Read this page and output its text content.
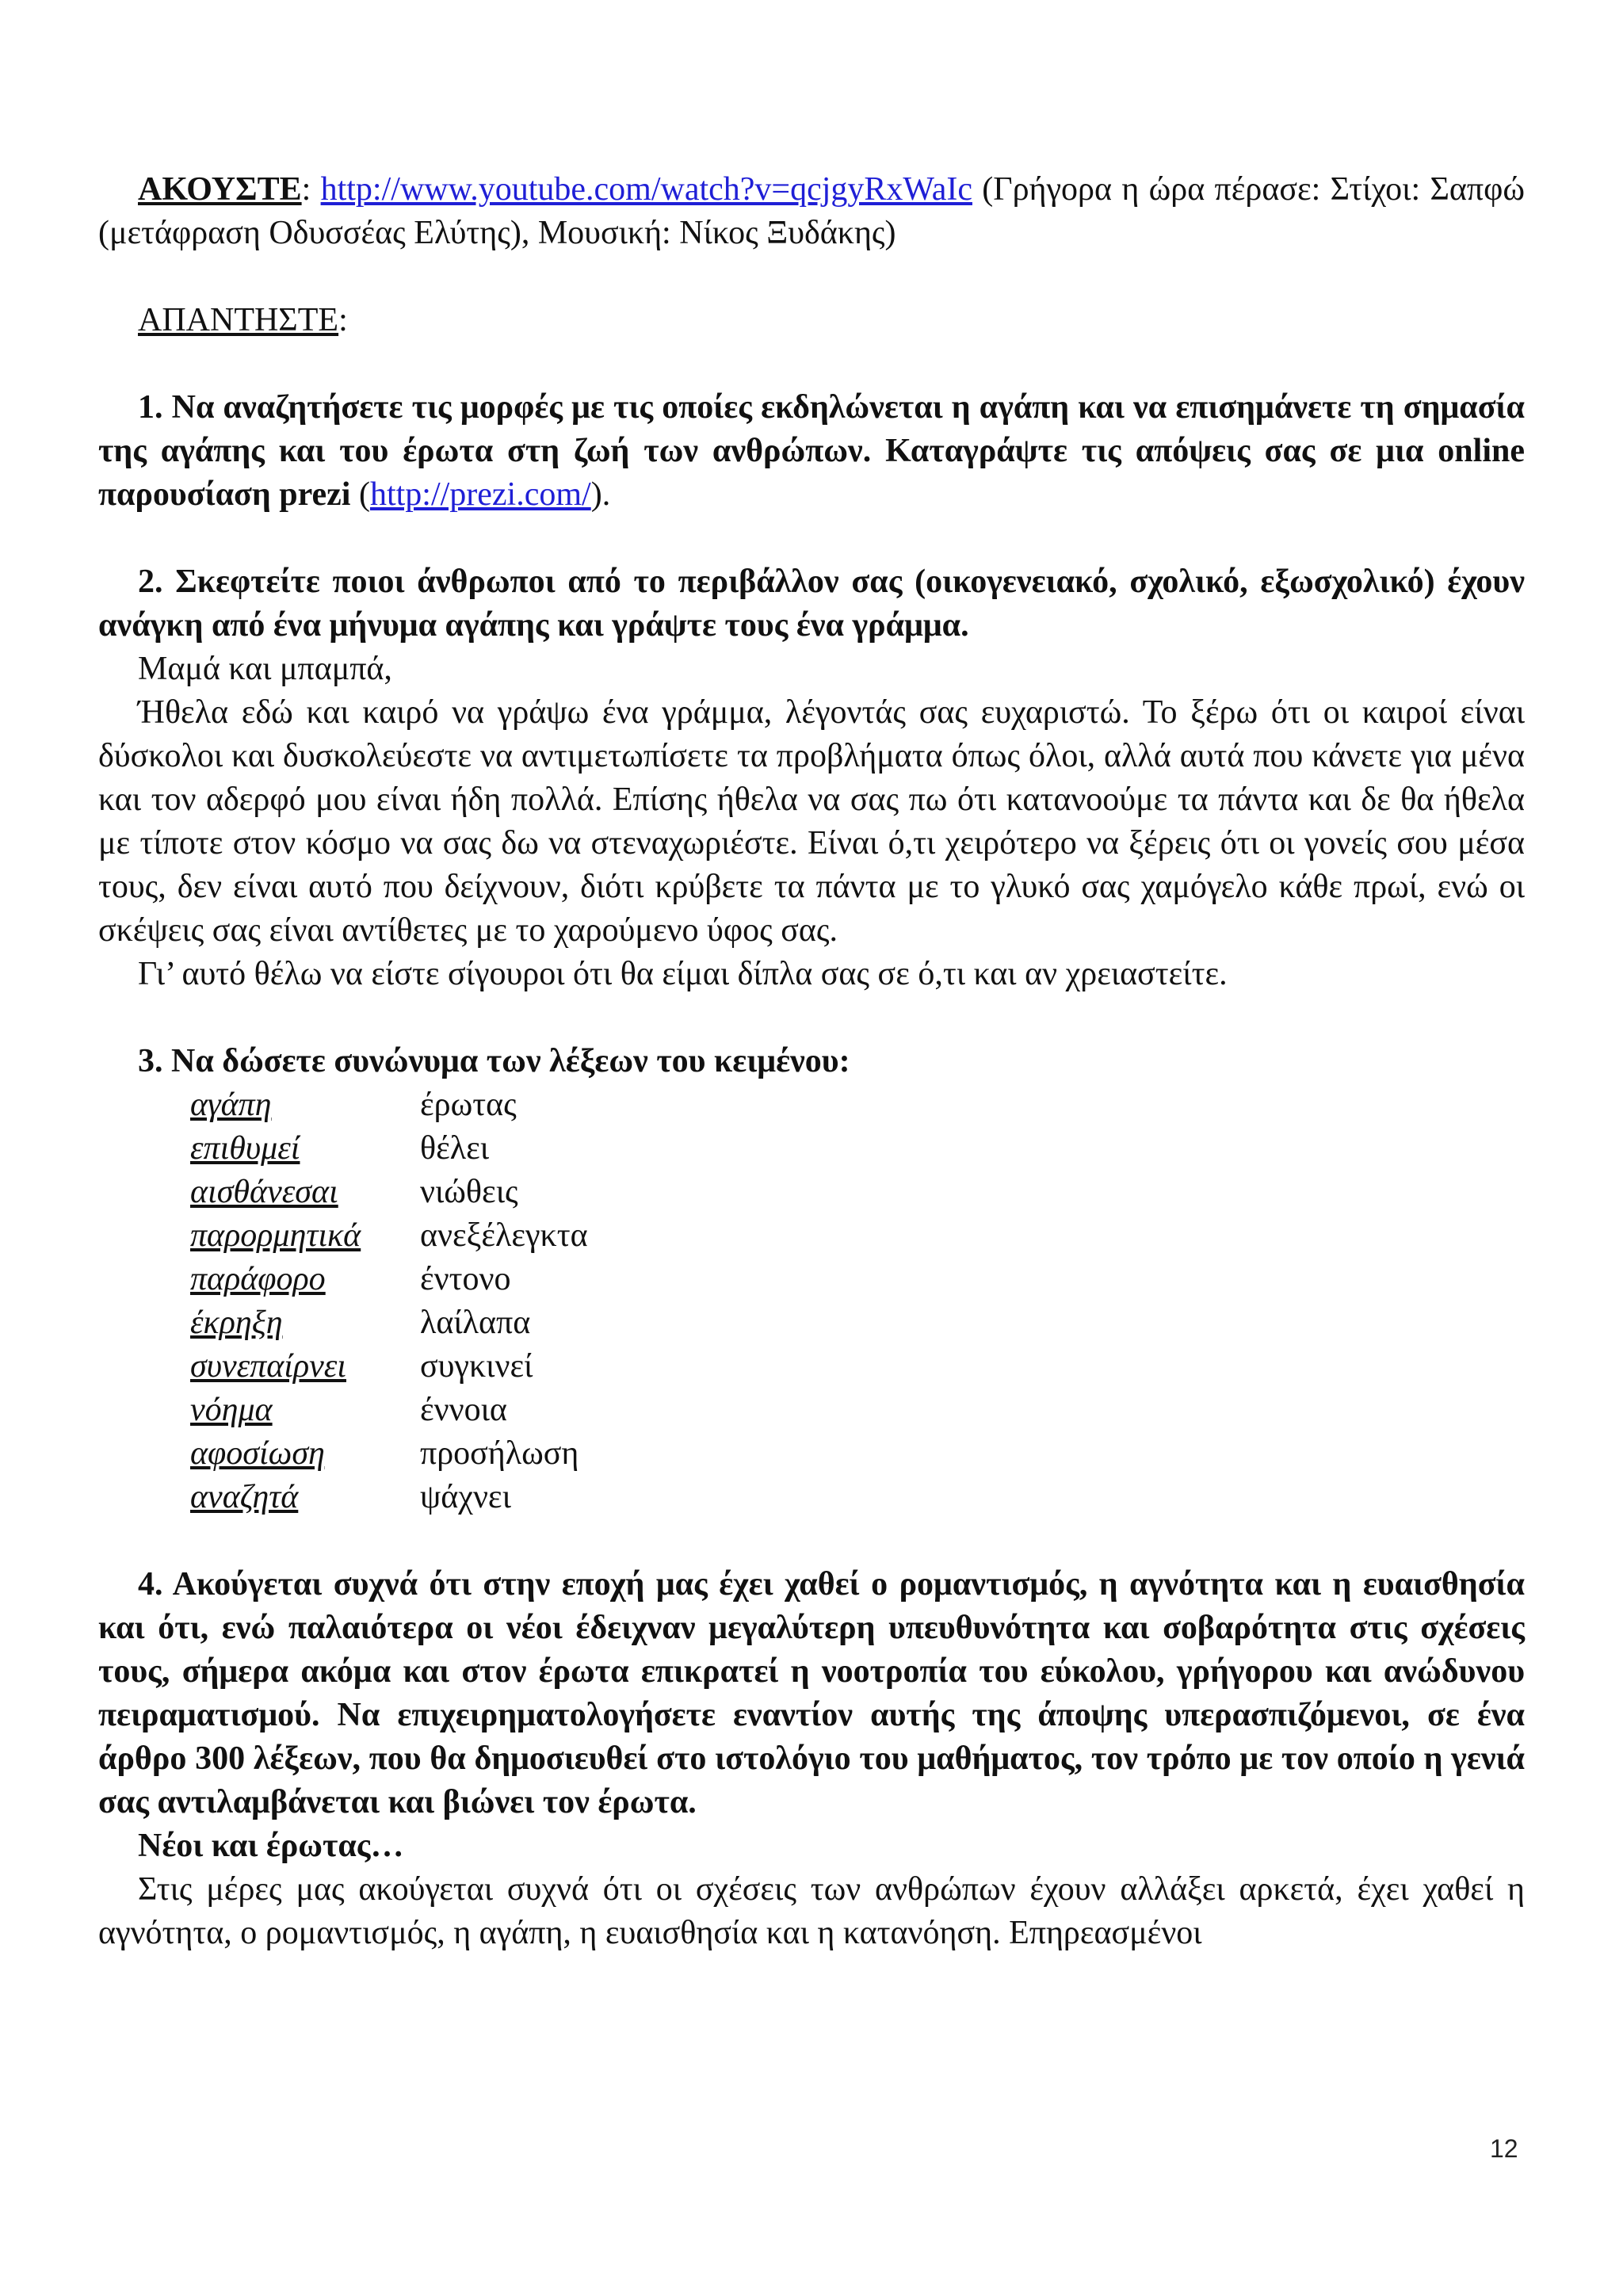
ΑΚΟΥΣΤΕ: http://www.youtube.com/watch?v=qcjgyRxWaIc (Γρήγορα η ώρα πέρασε: Στίχοι: Σαπφώ (μετάφραση Οδυσσέας Ελύτης), Μουσική: Νίκος Ξυδάκης)

ΑΠΑΝΤΗΣΤΕ:

1. Να αναζητήσετε τις μορφές με τις οποίες εκδηλώνεται η αγάπη και να επισημάνετε τη σημασία της αγάπης και του έρωτα στη ζωή των ανθρώπων. Καταγράψτε τις απόψεις σας σε μια online παρουσίαση prezi (http://prezi.com/).

2. Σκεφτείτε ποιοι άνθρωποι από το περιβάλλον σας (οικογενειακό, σχολικό, εξωσχολικό) έχουν ανάγκη από ένα μήνυμα αγάπης και γράψτε τους ένα γράμμα.

Μαμά και μπαμπά,

Ήθελα εδώ και καιρό να γράψω ένα γράμμα, λέγοντάς σας ευχαριστώ. Το ξέρω ότι οι καιροί είναι δύσκολοι και δυσκολεύεστε να αντιμετωπίσετε τα προβλήματα όπως όλοι, αλλά αυτά που κάνετε για μένα και τον αδερφό μου είναι ήδη πολλά. Επίσης ήθελα να σας πω ότι κατανοούμε τα πάντα και δε θα ήθελα με τίποτε στον κόσμο να σας δω να στεναχωριέστε. Είναι ό,τι χειρότερο να ξέρεις ότι οι γονείς σου μέσα τους, δεν είναι αυτό που δείχνουν, διότι κρύβετε τα πάντα με το γλυκό σας χαμόγελο κάθε πρωί, ενώ οι σκέψεις σας είναι αντίθετες με το χαρούμενο ύφος σας.

Γι’ αυτό θέλω να είστε σίγουροι ότι θα είμαι δίπλα σας σε ό,τι και αν χρειαστείτε.

3. Να δώσετε συνώνυμα των λέξεων του κειμένου:

αγάπη	έρωτας
επιθυμεί	θέλει
αισθάνεσαι	νιώθεις
παρορμητικά	ανεξέλεγκτα
παράφορο	έντονο
έκρηξη	λαίλαπα
συνεπαίρνει	συγκινεί
νόημα	έννοια
αφοσίωση	προσήλωση
αναζητά	ψάχνει

4. Ακούγεται συχνά ότι στην εποχή μας έχει χαθεί ο ρομαντισμός, η αγνότητα και η ευαισθησία και ότι, ενώ παλαιότερα οι νέοι έδειχναν μεγαλύτερη υπευθυνότητα και σοβαρότητα στις σχέσεις τους, σήμερα ακόμα και στον έρωτα επικρατεί η νοοτροπία του εύκολου, γρήγορου και ανώδυνου πειραματισμού. Να επιχειρηματολογήσετε εναντίον αυτής της άποψης υπερασπιζόμενοι, σε ένα άρθρο 300 λέξεων, που θα δημοσιευθεί στο ιστολόγιο του μαθήματος, τον τρόπο με τον οποίο η γενιά σας αντιλαμβάνεται και βιώνει τον έρωτα.

Νέοι και έρωτας…

Στις μέρες μας ακούγεται συχνά ότι οι σχέσεις των ανθρώπων έχουν αλλάξει αρκετά, έχει χαθεί η αγνότητα, ο ρομαντισμός, η αγάπη, η ευαισθησία και η κατανόηση. Επηρεασμένοι

12
